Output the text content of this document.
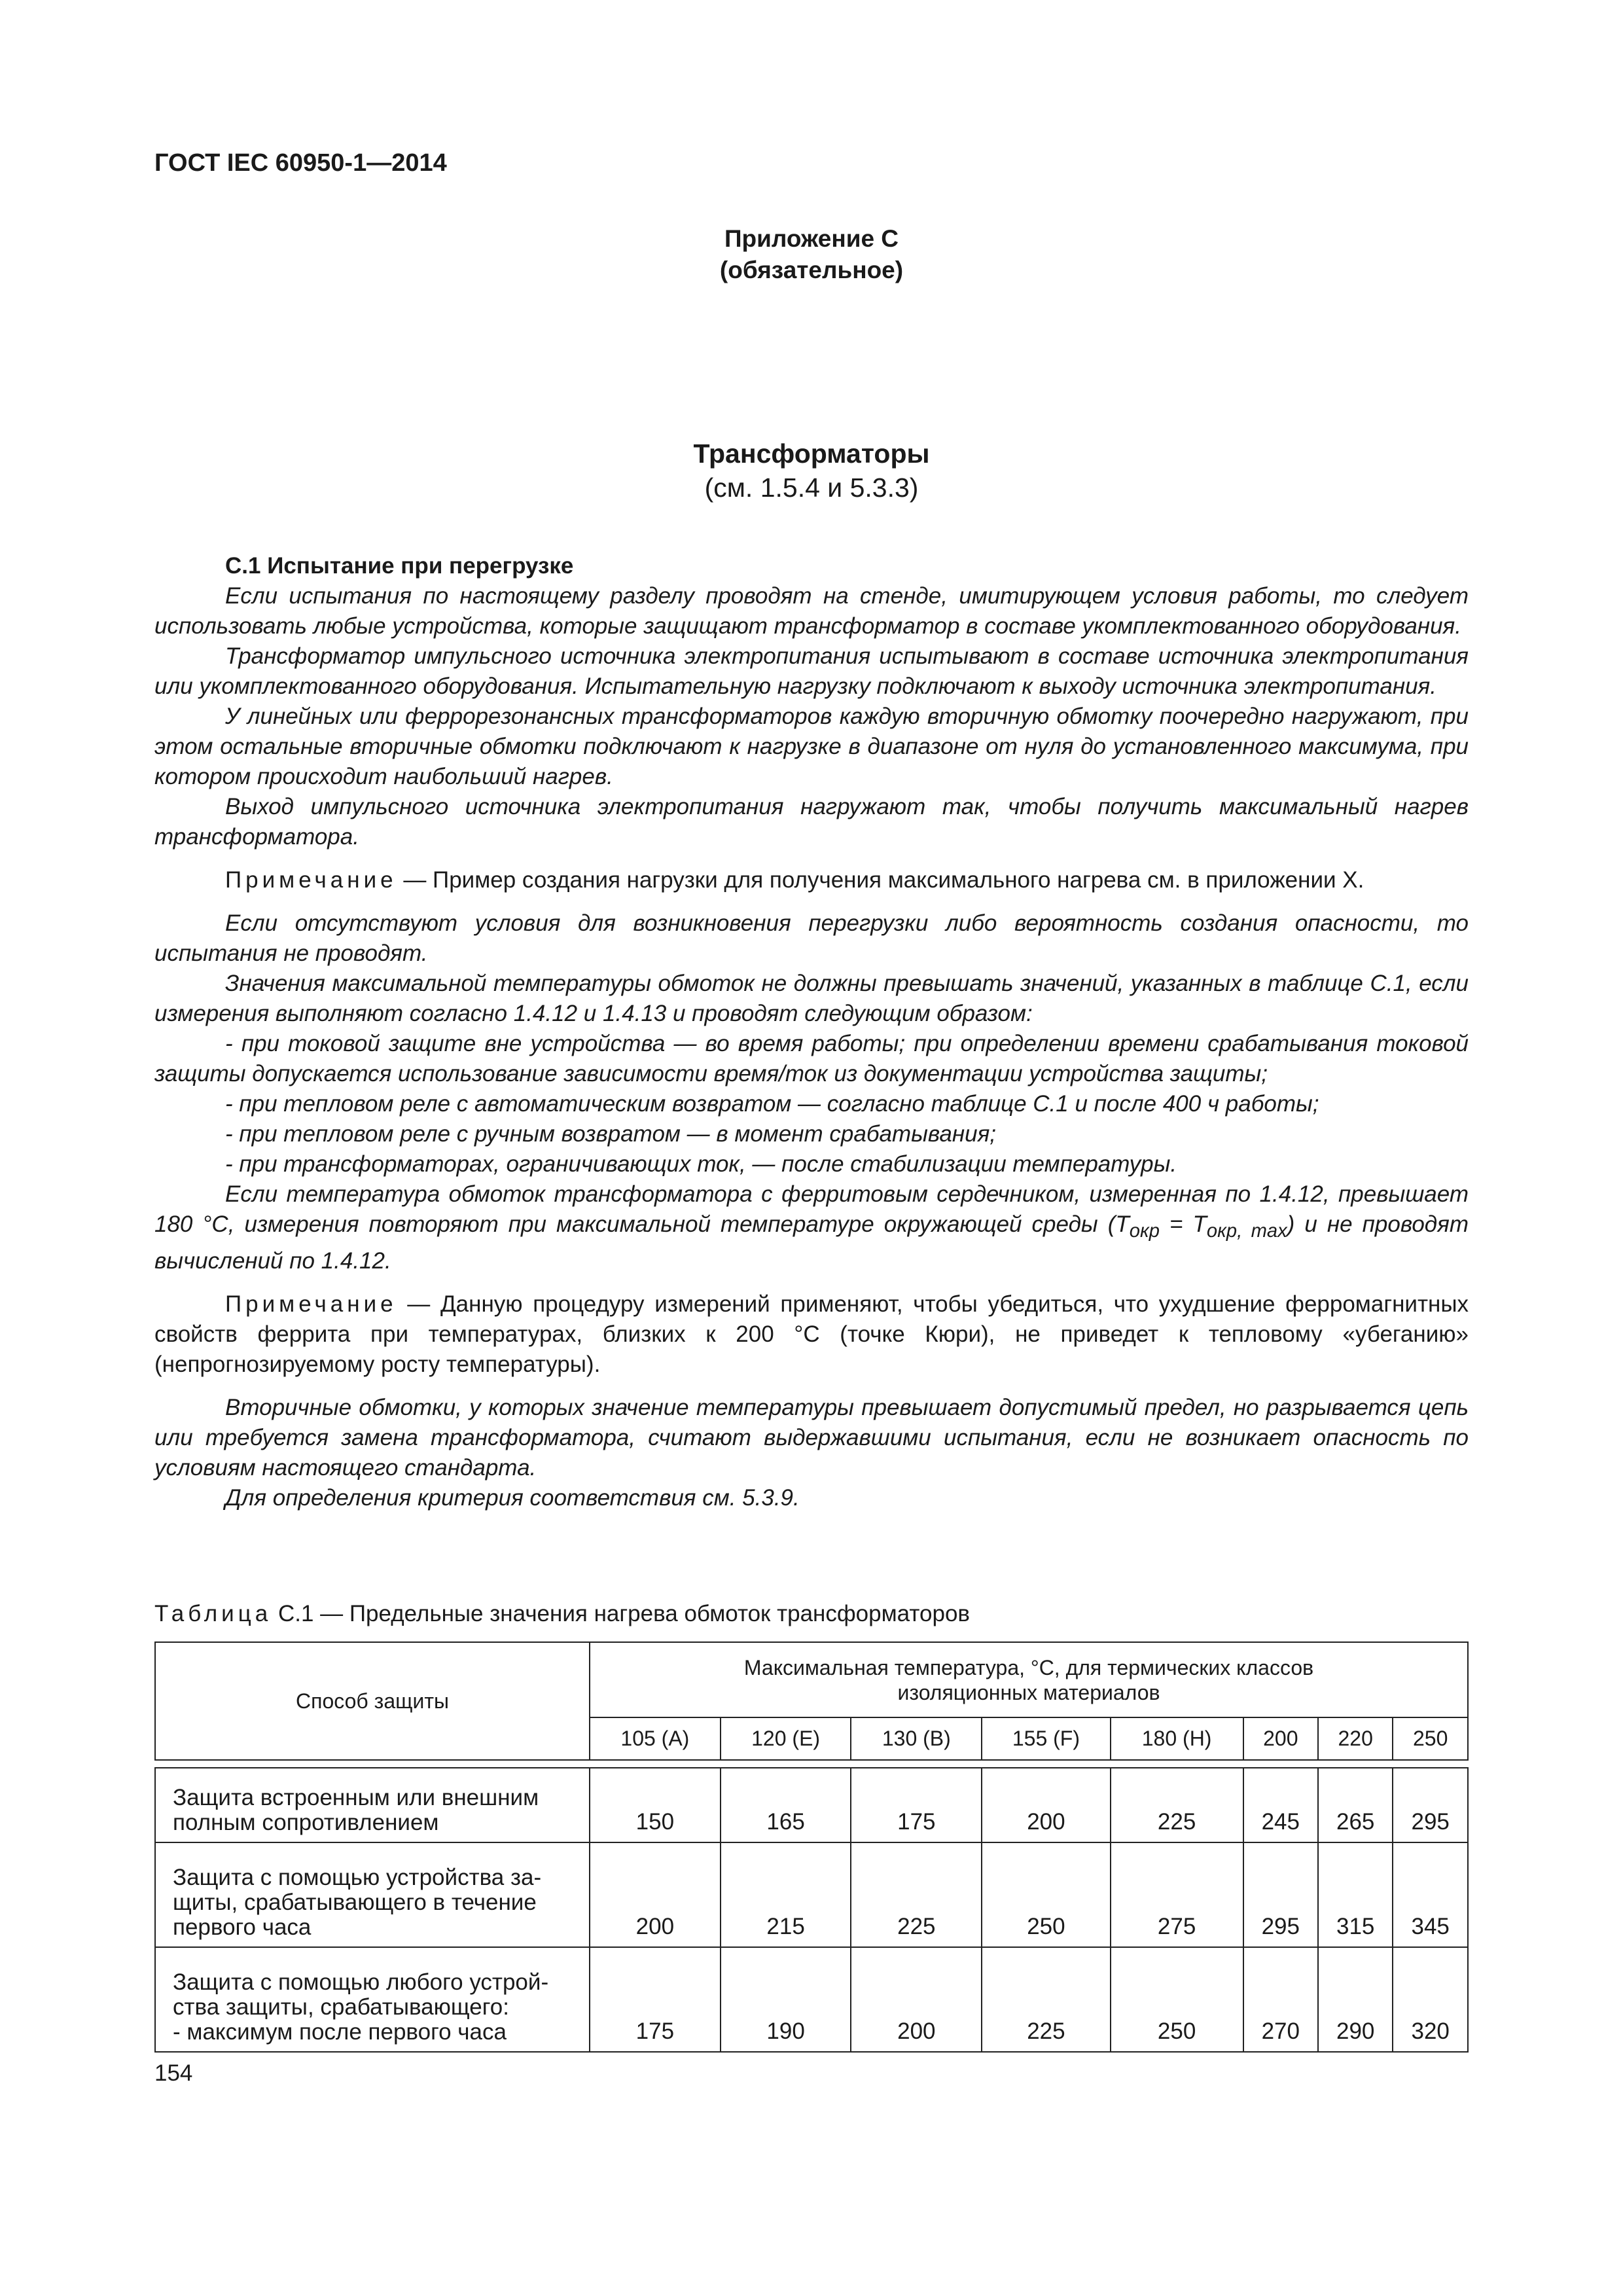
ГОСТ IEC 60950-1—2014
Приложение С
(обязательное)
Трансформаторы
(см. 1.5.4 и 5.3.3)

С.1 Испытание при перегрузке

Если испытания по настоящему разделу проводят на стенде, имитирующем условия работы, то следует использовать любые устройства, которые защищают трансформатор в составе укомплектованного оборудования.

Трансформатор импульсного источника электропитания испытывают в составе источника электропитания или укомплектованного оборудования. Испытательную нагрузку подключают к выходу источника электропитания.

У линейных или феррорезонансных трансформаторов каждую вторичную обмотку поочередно нагружают, при этом остальные вторичные обмотки подключают к нагрузке в диапазоне от нуля до установленного максимума, при котором происходит наибольший нагрев.

Выход импульсного источника электропитания нагружают так, чтобы получить максимальный нагрев трансформатора.

Примечание — Пример создания нагрузки для получения максимального нагрева см. в приложении X.

Если отсутствуют условия для возникновения перегрузки либо вероятность создания опасности, то испытания не проводят.

Значения максимальной температуры обмоток не должны превышать значений, указанных в таблице С.1, если измерения выполняют согласно 1.4.12 и 1.4.13 и проводят следующим образом:

- при токовой защите вне устройства — во время работы; при определении времени срабатывания токовой защиты допускается использование зависимости время/ток из документации устройства защиты;

- при тепловом реле с автоматическим возвратом — согласно таблице С.1 и после 400 ч работы;

- при тепловом реле с ручным возвратом — в момент срабатывания;

- при трансформаторах, ограничивающих ток, — после стабилизации температуры.

Если температура обмоток трансформатора с ферритовым сердечником, измеренная по 1.4.12, превышает 180 °С, измерения повторяют при максимальной температуре окружающей среды $(T_{окр} = T_{окр, max})$ и не проводят вычислений по 1.4.12.

Примечание — Данную процедуру измерений применяют, чтобы убедиться, что ухудшение ферромагнитных свойств феррита при температурах, близких к 200 °С (точке Кюри), не приведет к тепловому «убеганию» (непрогнозируемому росту температуры).

Вторичные обмотки, у которых значение температуры превышает допустимый предел, но разрывается цепь или требуется замена трансформатора, считают выдержавшими испытания, если не возникает опасность по условиям настоящего стандарта.

Для определения критерия соответствия см. 5.3.9.

Таблица С.1 — Предельные значения нагрева обмоток трансформаторов
Способ защиты	Максимальная температура, °С, для термических классов
изоляционных материалов							
	105 (A)	120 (E)	130 (B)	155 (F)	180 (H)	200	220	250

Защита встроенным или внешним
полным сопротивлением	150	165	175	200	225	245	265	295
Защита с помощью устройства за-
щиты, срабатывающего в течение
первого часа	200	215	225	250	275	295	315	345
Защита с помощью любого устрой-
ства защиты, срабатывающего:
- максимум после первого часа	175	190	200	225	250	270	290	320
154
